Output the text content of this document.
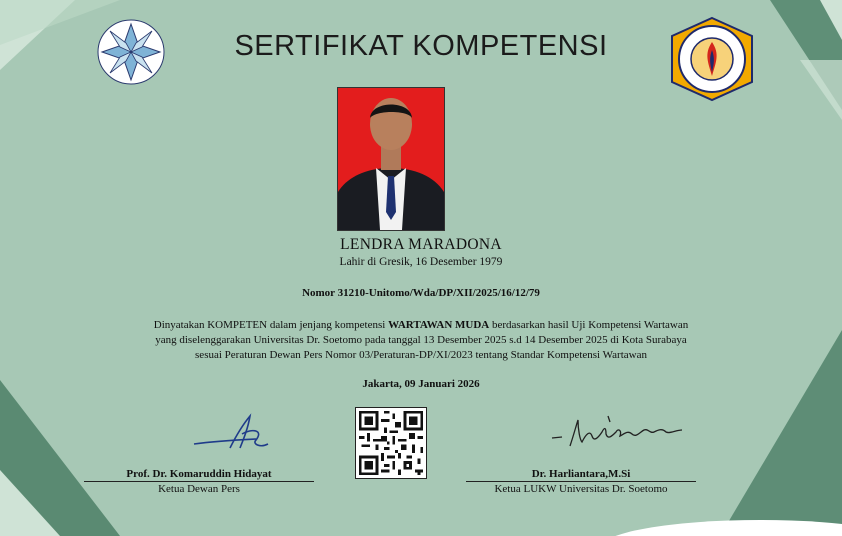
SERTIFIKAT KOMPETENSI
LENDRA MARADONA
Lahir di Gresik, 16 Desember 1979
Nomor 31210-Unitomo/Wda/DP/XII/2025/16/12/79
Dinyatakan KOMPETEN dalam jenjang kompetensi WARTAWAN MUDA berdasarkan hasil Uji Kompetensi Wartawan
yang diselenggarakan Universitas Dr. Soetomo pada tanggal 13 Desember 2025 s.d 14 Desember 2025 di Kota Surabaya
sesuai Peraturan Dewan Pers Nomor 03/Peraturan-DP/XI/2023 tentang Standar Kompetensi Wartawan
Jakarta, 09 Januari 2026
Prof. Dr. Komaruddin Hidayat
Ketua Dewan Pers
Dr. Harliantara,M.Si
Ketua LUKW Universitas Dr. Soetomo
